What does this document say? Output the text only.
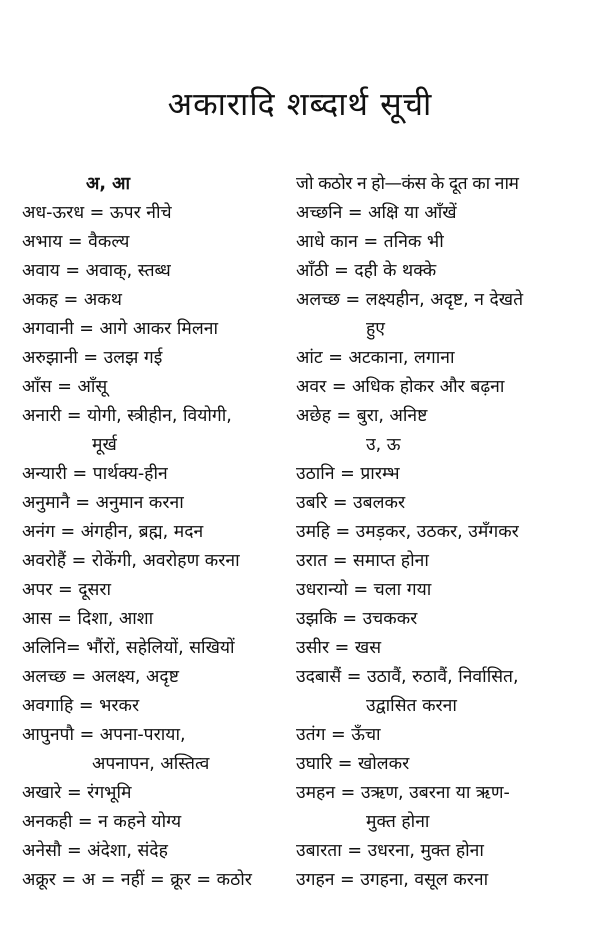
अकारादि शब्दार्थ सूची
अ, आ
अध-ऊरध = ऊपर नीचे
अभाय = वैकल्य
अवाय = अवाक्, स्तब्ध
अकह = अकथ
अगवानी = आगे आकर मिलना
अरुझानी = उलझ गई
आँस = आँसू
अनारी = योगी, स्त्रीहीन, वियोगी,
मूर्ख
अन्यारी = पार्थक्य-हीन
अनुमानै = अनुमान करना
अनंग = अंगहीन, ब्रह्म, मदन
अवरोहैं = रोकेंगी, अवरोहण करना
अपर = दूसरा
आस = दिशा, आशा
अलिनि= भौंरों, सहेलियों, सखियों
अलच्छ = अलक्ष्य, अदृष्ट
अवगाहि = भरकर
आपुनपौ = अपना-पराया,
अपनापन, अस्तित्व
अखारे = रंगभूमि
अनकही = न कहने योग्य
अनेसौ = अंदेशा, संदेह
अक्रूर = अ = नहीं = क्रूर = कठोर
जो कठोर न हो—कंस के दूत का नाम
अच्छनि = अक्षि या आँखें
आधे कान = तनिक भी
आँठी = दही के थक्के
अलच्छ = लक्ष्यहीन, अदृष्ट, न देखते
हुए
आंट = अटकाना, लगाना
अवर = अधिक होकर और बढ़ना
अछेह = बुरा, अनिष्ट
उ, ऊ
उठानि = प्रारम्भ
उबरि = उबलकर
उमहि = उमड़कर, उठकर, उमँगकर
उरात = समाप्त होना
उधरान्यो = चला गया
उझकि = उचककर
उसीर = खस
उदबासैं = उठावैं, रुठावैं, निर्वासित,
उद्वासित करना
उतंग = ऊँचा
उघारि = खोलकर
उमहन = उऋण, उबरना या ऋण-
मुक्त होना
उबारता = उधरना, मुक्त होना
उगहन = उगहना, वसूल करना
